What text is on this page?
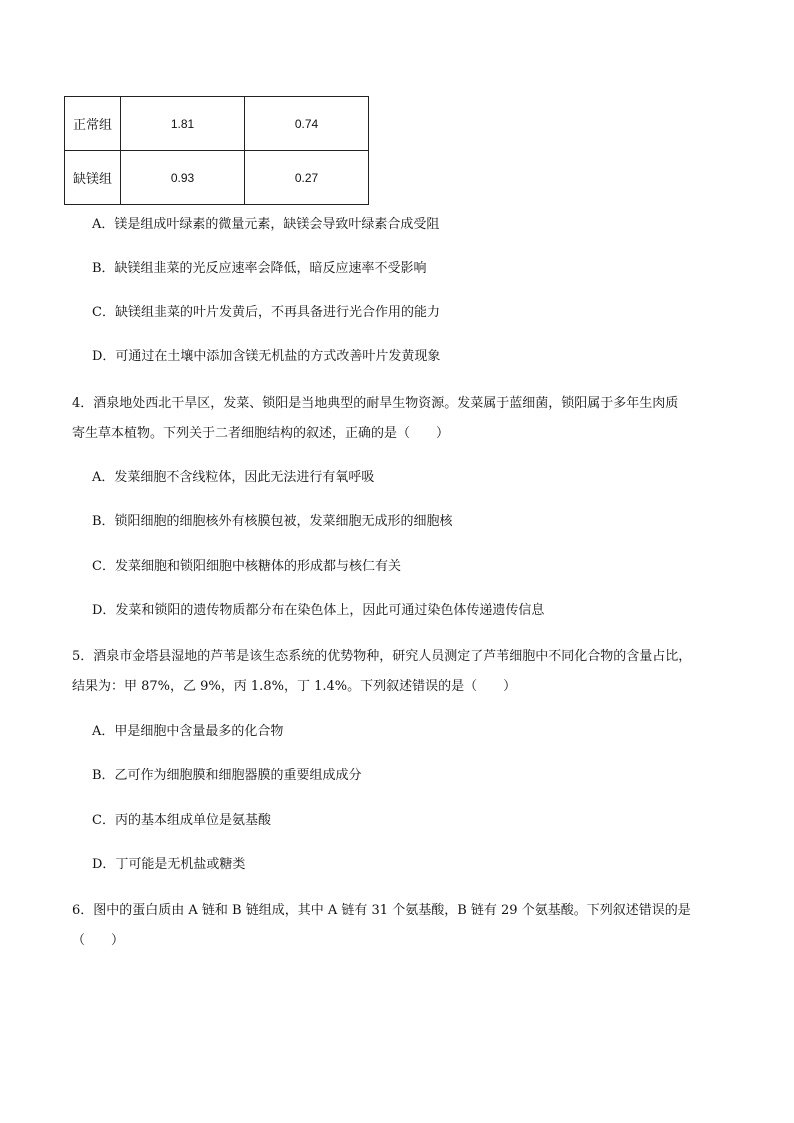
正常组	1.81	0.74
缺镁组	0.93	0.27
A．镁是组成叶绿素的微量元素，缺镁会导致叶绿素合成受阻
B．缺镁组韭菜的光反应速率会降低，暗反应速率不受影响
C．缺镁组韭菜的叶片发黄后，不再具备进行光合作用的能力
D．可通过在土壤中添加含镁无机盐的方式改善叶片发黄现象
4．酒泉地处西北干旱区，发菜、锁阳是当地典型的耐旱生物资源。发菜属于蓝细菌，锁阳属于多年生肉质
寄生草本植物。下列关于二者细胞结构的叙述，正确的是（　　）
A．发菜细胞不含线粒体，因此无法进行有氧呼吸
B．锁阳细胞的细胞核外有核膜包被，发菜细胞无成形的细胞核
C．发菜细胞和锁阳细胞中核糖体的形成都与核仁有关
D．发菜和锁阳的遗传物质都分布在染色体上，因此可通过染色体传递遗传信息
5．酒泉市金塔县湿地的芦苇是该生态系统的优势物种，研究人员测定了芦苇细胞中不同化合物的含量占比，
结果为：甲 87%，乙 9%，丙 1.8%，丁 1.4%。下列叙述错误的是（　　）
A．甲是细胞中含量最多的化合物
B．乙可作为细胞膜和细胞器膜的重要组成成分
C．丙的基本组成单位是氨基酸
D．丁可能是无机盐或糖类
6．图中的蛋白质由 A 链和 B 链组成，其中 A 链有 31 个氨基酸，B 链有 29 个氨基酸。下列叙述错误的是
（　　）
